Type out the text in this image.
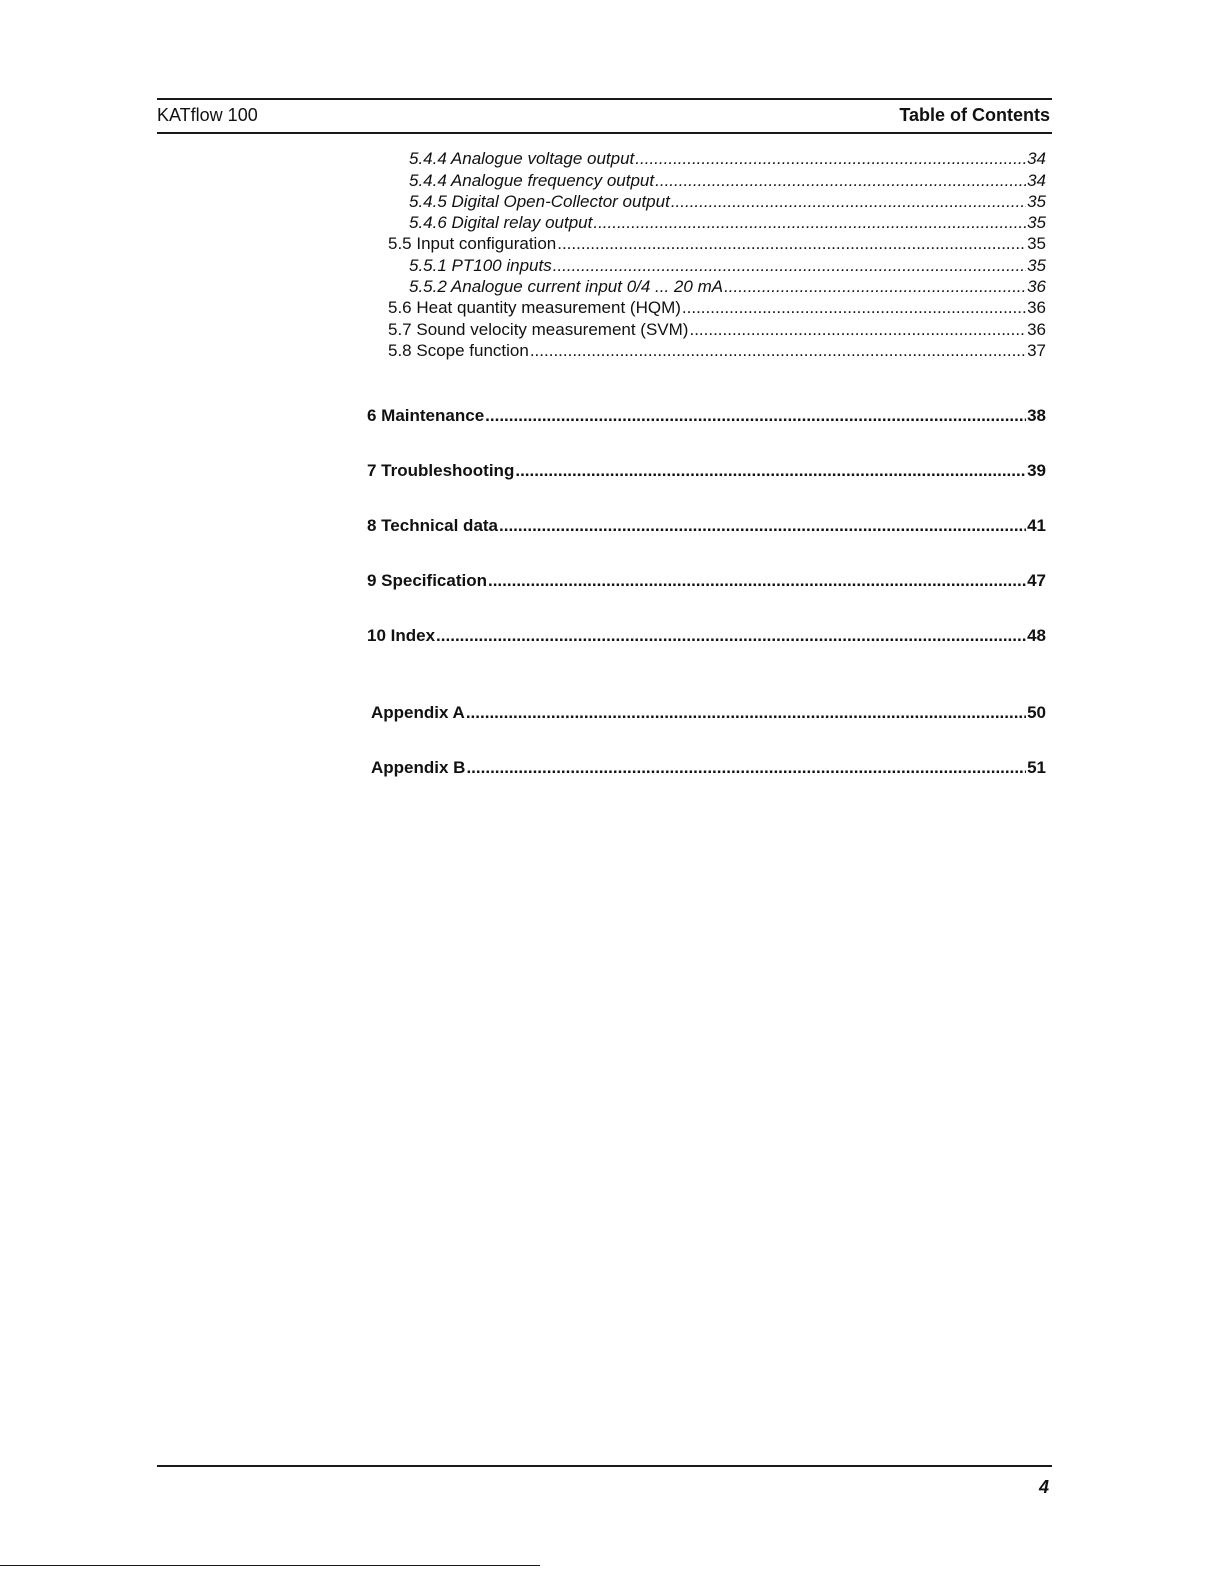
KATflow 100	Table of Contents
5.4.4 Analogue voltage output .....	34
5.4.4 Analogue frequency output .....	34
5.4.5 Digital Open-Collector output .....	35
5.4.6 Digital relay output .....	35
5.5 Input configuration .....	35
5.5.1 PT100 inputs .....	35
5.5.2 Analogue current input 0/4 ... 20 mA .....	36
5.6 Heat quantity measurement (HQM) .....	36
5.7 Sound velocity measurement (SVM) .....	36
5.8 Scope function .....	37
6 Maintenance .....	38
7 Troubleshooting .....	39
8 Technical data .....	41
9 Specification .....	47
10 Index .....	48
Appendix A .....	50
Appendix B .....	51
4
